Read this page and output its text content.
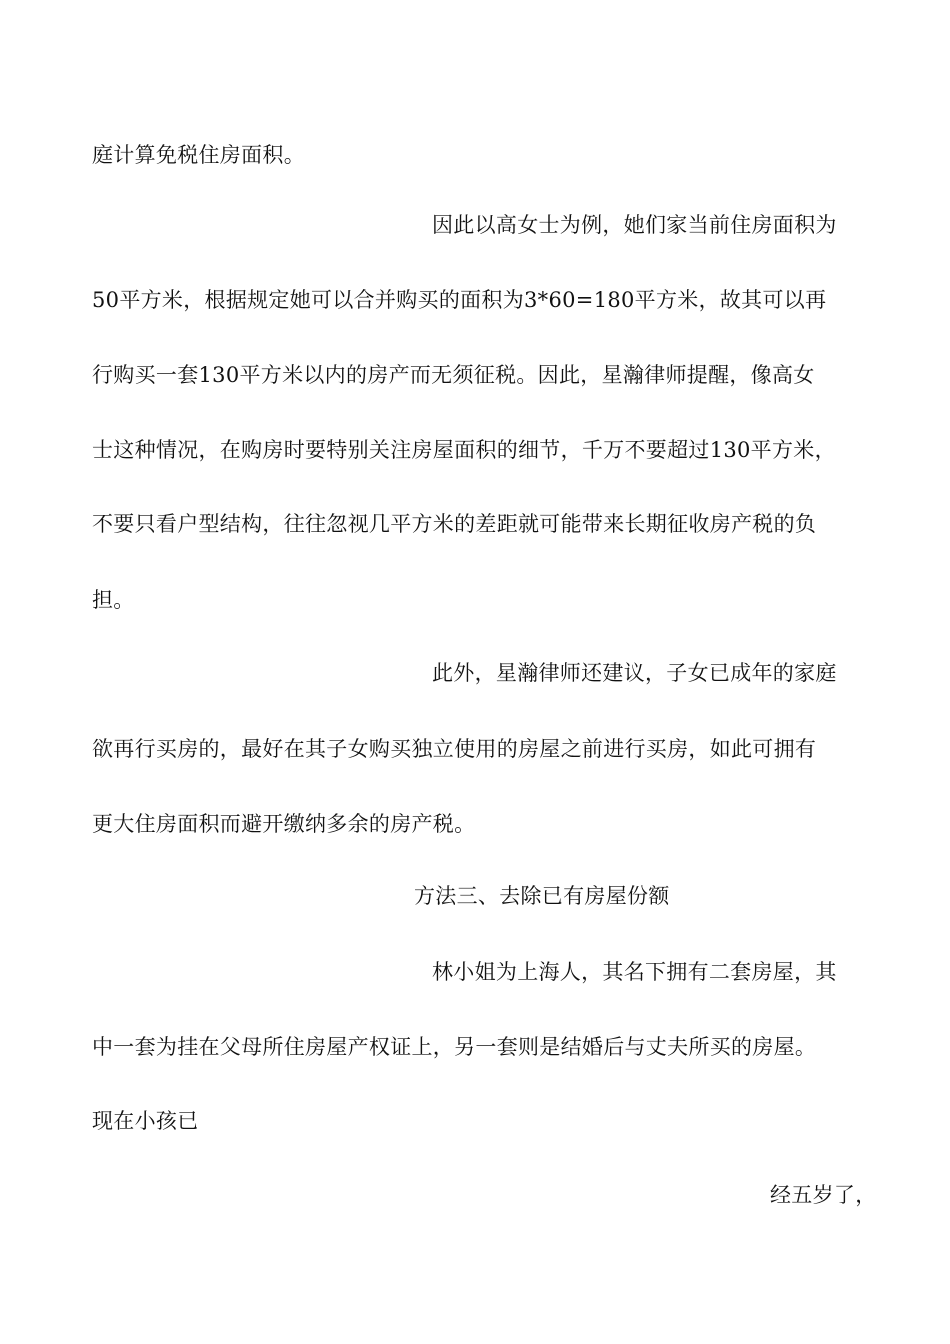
庭计算免税住房面积。
因此以高女士为例，她们家当前住房面积为
50平方米，根据规定她可以合并购买的面积为3*60=180平方米，故其可以再
行购买一套130平方米以内的房产而无须征税。因此，星瀚律师提醒，像高女
士这种情况，在购房时要特别关注房屋面积的细节，千万不要超过130平方米，
不要只看户型结构，往往忽视几平方米的差距就可能带来长期征收房产税的负
担。
此外，星瀚律师还建议，子女已成年的家庭
欲再行买房的，最好在其子女购买独立使用的房屋之前进行买房，如此可拥有
更大住房面积而避开缴纳多余的房产税。
方法三、去除已有房屋份额
林小姐为上海人，其名下拥有二套房屋，其
中一套为挂在父母所住房屋产权证上，另一套则是结婚后与丈夫所买的房屋。
现在小孩已
经五岁了，
